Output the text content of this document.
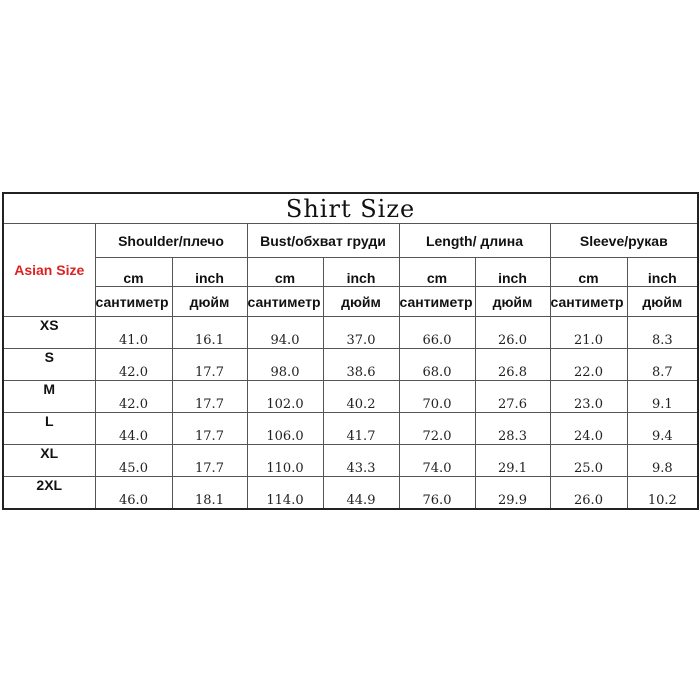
Shirt Size								
Asian Size	Shoulder/плечо		Bust/обхват груди		Length/ длина		Sleeve/рукав	
	cm	inch	cm	inch	cm	inch	cm	inch
	сантиметр	дюйм	сантиметр	дюйм	сантиметр	дюйм	сантиметр	дюйм
XS	41.0	16.1	94.0	37.0	66.0	26.0	21.0	8.3
S	42.0	17.7	98.0	38.6	68.0	26.8	22.0	8.7
M	42.0	17.7	102.0	40.2	70.0	27.6	23.0	9.1
L	44.0	17.7	106.0	41.7	72.0	28.3	24.0	9.4
XL	45.0	17.7	110.0	43.3	74.0	29.1	25.0	9.8
2XL	46.0	18.1	114.0	44.9	76.0	29.9	26.0	10.2
